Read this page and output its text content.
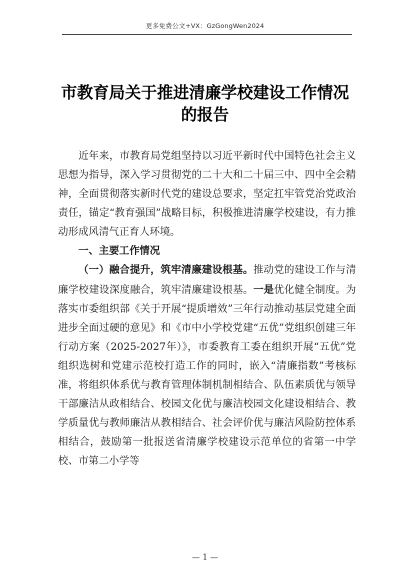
更多免费公文+VX：GzGongWen2024
市教育局关于推进清廉学校建设工作情况
的报告

近年来，市教育局党组坚持以习近平新时代中国特色社会主义思想为指导，深入学习贯彻党的二十大和二十届三中、四中全会精神，全面贯彻落实新时代党的建设总要求，坚定扛牢管党治党政治责任，锚定“教育强国”战略目标，积极推进清廉学校建设，有力推动形成风清气正育人环境。

一、主要工作情况

（一）融合提升，筑牢清廉建设根基。推动党的建设工作与清廉学校建设深度融合，筑牢清廉建设根基。一是优化健全制度。为落实市委组织部《关于开展“提质增效”三年行动推动基层党建全面进步全面过硬的意见》和《市中小学校党建“五优”党组织创建三年行动方案（2025-2027年）》，市委教育工委在组织开展“五优”党组织选树和党建示范校打造工作的同时，嵌入“清廉指数”考核标准，将组织体系优与教育管理体制机制相结合、队伍素质优与领导干部廉洁从政相结合、校园文化优与廉洁校园文化建设相结合、教学质量优与教师廉洁从教相结合、社会评价优与廉洁风险防控体系相结合，鼓励第一批报送省清廉学校建设示范单位的省第一中学校、市第二小学等

— 1 —
